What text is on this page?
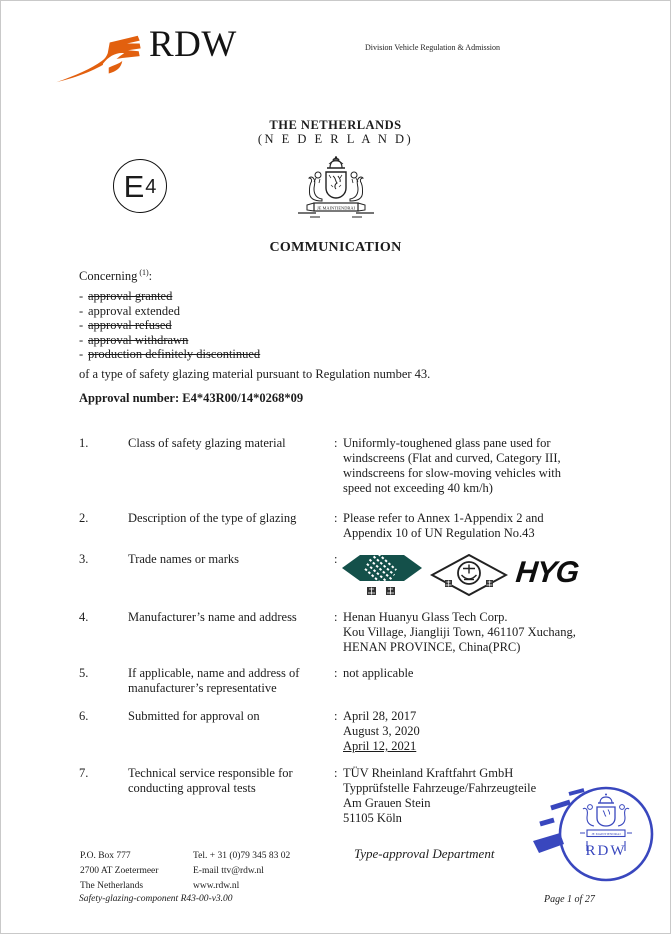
RDW	Division Vehicle Regulation & Admission
THE NETHERLANDS
(N E D E R L A N D)
E 4
JE MAINTIENDRAI
COMMUNICATION
Concerning $^{(1)}$:
- approval granted
- approval extended
- approval refused
- approval withdrawn
- production definitely discontinued
of a type of safety glazing material pursuant to Regulation number 43.
Approval number: E4*43R00/14*0268*09
1.	Class of safety glazing material	: Uniformly-toughened glass pane used for
windscreens (Flat and curved, Category III,
windscreens for slow-moving vehicles with
speed not exceeding 40 km/h)
2.	Description of the type of glazing	: Please refer to Annex 1-Appendix 2 and
Appendix 10 of UN Regulation No.43
3.	Trade names or marks	:	HYG
4.	Manufacturer’s name and address	: Henan Huanyu Glass Tech Corp.
Kou Village, Jiangliji Town, 461107 Xuchang,
HENAN PROVINCE, China(PRC)
5.	If applicable, name and address of manufacturer’s representative
: not applicable
6.	Submitted for approval on	: April 28, 2017
August 3, 2020
April 12, 2021
7.	Technical service responsible for conducting approval tests
: TÜV Rheinland Kraftfahrt GmbH
Typprüfstelle Fahrzeuge/Fahrzeugteile
Am Grauen Stein
51105 Köln
P.O. Box 777
2700 AT Zoetermeer
The Netherlands
Tel. + 31 (0)79 345 83 02
E-mail ttv@rdw.nl
www.rdw.nl
Type-approval Department
JE MAINTIENDRAI
RDW
Safety-glazing-component R43-00-v3.00	Page 1 of 27
